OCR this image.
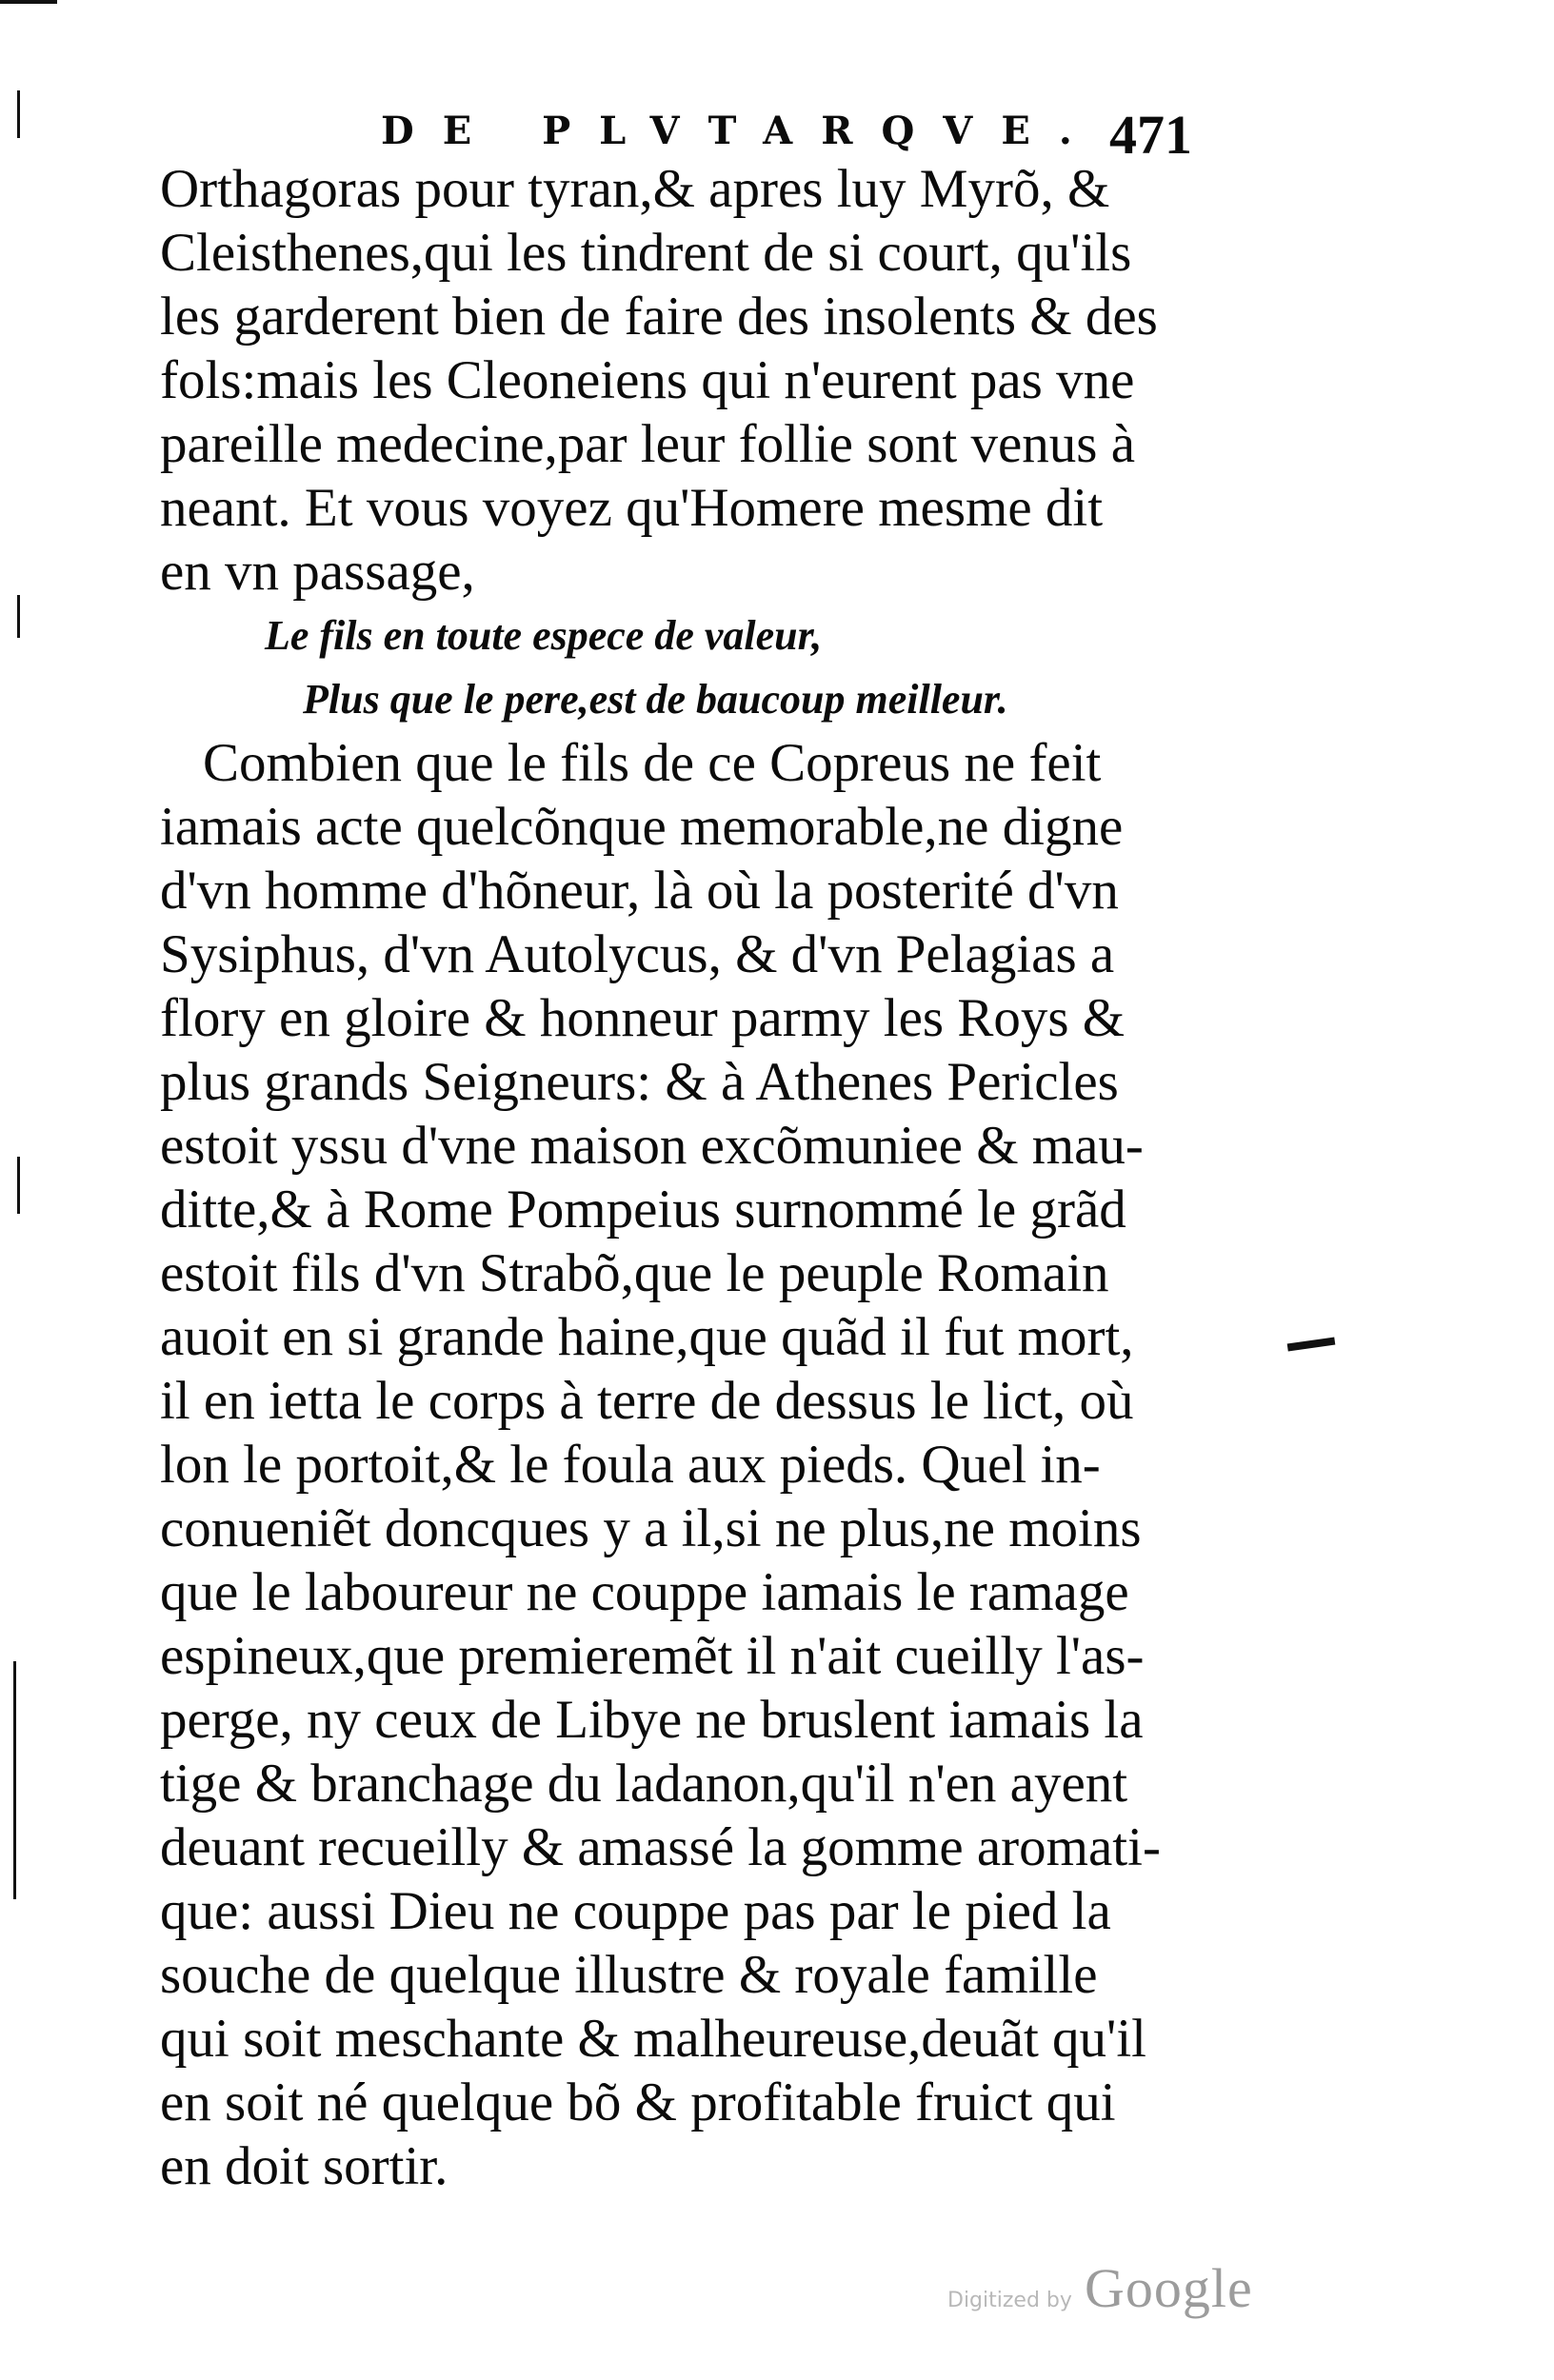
DE PLVTARQVE. 471
Orthagoras pour tyran,& apres luy Myrõ, &
Cleisthenes,qui les tindrent de si court, qu'ils
les garderent bien de faire des insolents & des
fols:mais les Cleoneiens qui n'eurent pas vne
pareille medecine,par leur follie sont venus à
neant. Et vous voyez qu'Homere mesme dit
en vn passage,
Le fils en toute espece de valeur,
Plus que le pere,est de baucoup meilleur.
Combien que le fils de ce Copreus ne feit
iamais acte quelcõnque memorable,ne digne
d'vn homme d'hõneur, là où la posterité d'vn
Sysiphus, d'vn Autolycus, & d'vn Pelagias a
flory en gloire & honneur parmy les Roys &
plus grands Seigneurs: & à Athenes Pericles
estoit yssu d'vne maison excõmuniee & mau-
ditte,& à Rome Pompeius surnommé le grãd
estoit fils d'vn Strabõ,que le peuple Romain
auoit en si grande haine,que quãd il fut mort,
il en ietta le corps à terre de dessus le lict, où
lon le portoit,& le foula aux pieds. Quel in-
conueniẽt doncques y a il,si ne plus,ne moins
que le laboureur ne couppe iamais le ramage
espineux,que premieremẽt il n'ait cueilly l'as-
perge, ny ceux de Libye ne bruslent iamais la
tige & branchage du ladanon,qu'il n'en ayent
deuant recueilly & amassé la gomme aromati-
que: aussi Dieu ne couppe pas par le pied la
souche de quelque illustre & royale famille
qui soit meschante & malheureuse,deuãt qu'il
en soit né quelque bõ & profitable fruict qui
en doit sortir.
Digitized by Google
